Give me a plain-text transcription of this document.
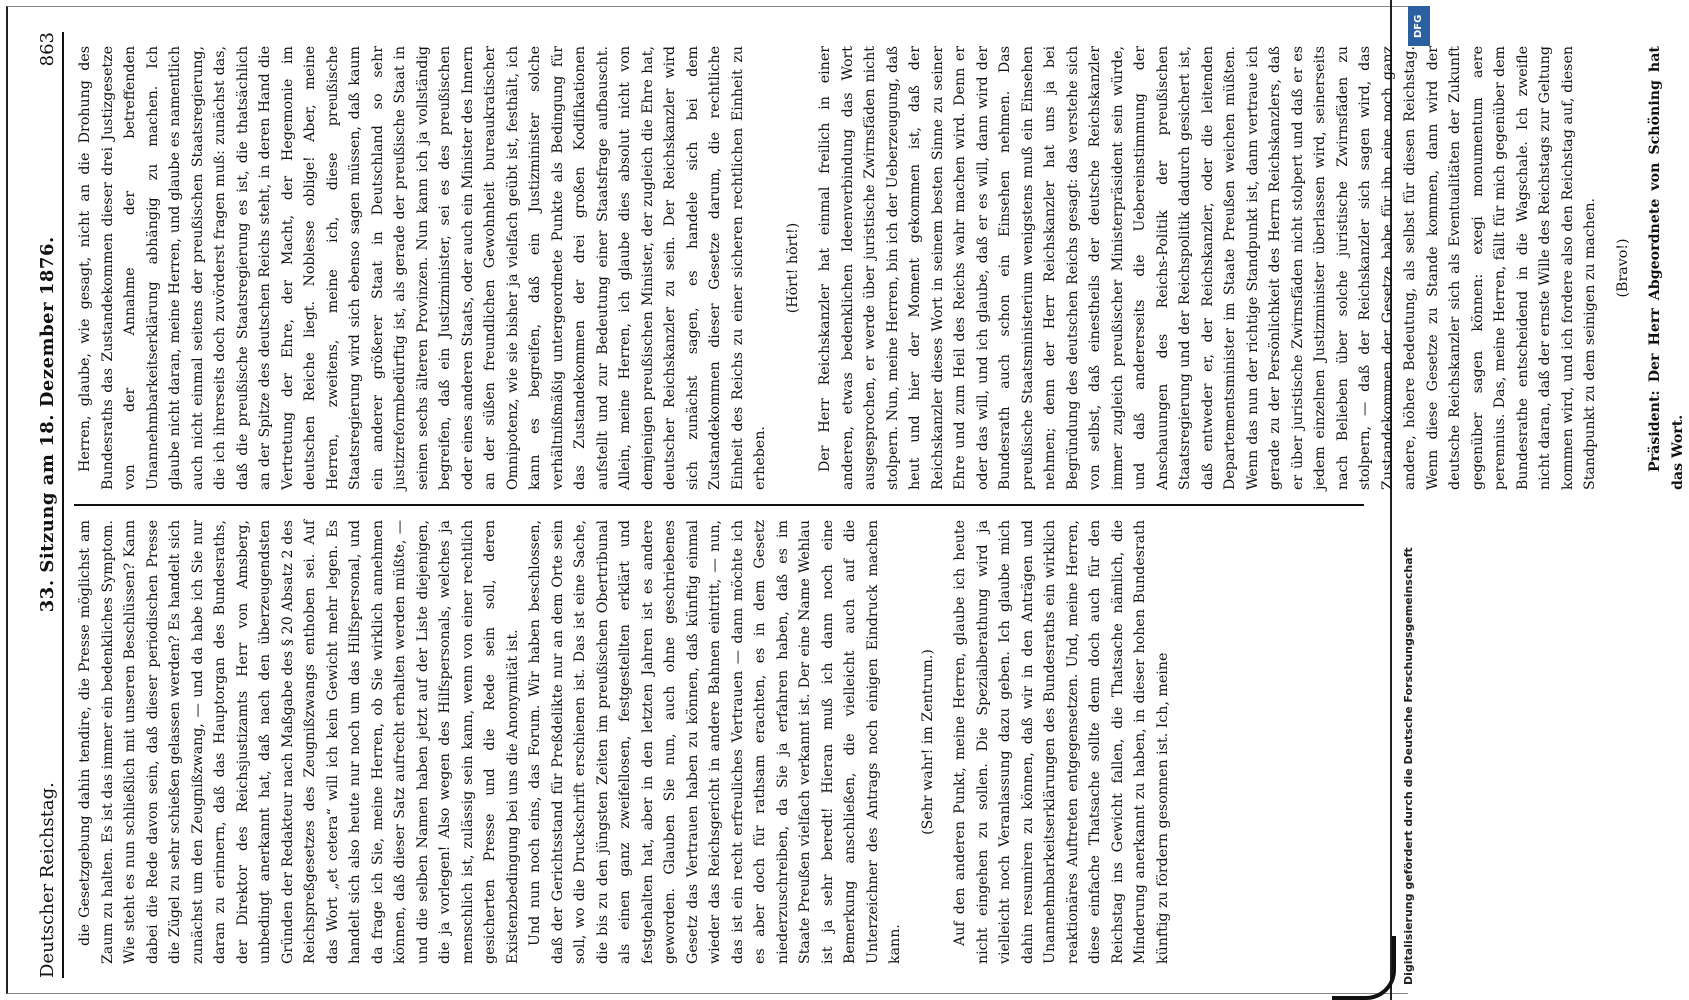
Deutscher Reichstag.
33. Sitzung am 18. Dezember 1876.
863

die Gesetzgebung dahin tendire, die Presse möglichst am Zaum zu halten. Es ist das immer ein bedenkliches Symptom. Wie steht es nun schließlich mit unseren Beschlüssen? Kann dabei die Rede davon sein, daß dieser periodischen Presse die Zügel zu sehr schießen gelassen werden? Es handelt sich zunächst um den Zeugnißzwang, — und da habe ich Sie nur daran zu erinnern, daß das Hauptorgan des Bundesraths, der Direktor des Reichsjustizamts Herr von Amsberg, unbedingt anerkannt hat, daß nach den überzeugendsten Gründen der Redakteur nach Maßgabe des § 20 Absatz 2 des Reichspreßgesetzes des Zeugnißzwangs enthoben sei. Auf das Wort „et cetera“ will ich kein Gewicht mehr legen. Es handelt sich also heute nur noch um das Hilfspersonal, und da frage ich Sie, meine Herren, ob Sie wirklich annehmen können, daß dieser Satz aufrecht erhalten werden müßte, — und die selben Namen haben jetzt auf der Liste diejenigen, die ja vorlegen! Also wegen des Hilfspersonals, welches ja menschlich ist, zulässig sein kann, wenn von einer rechtlich gesicherten Presse und die Rede sein soll, deren Existenzbedingung bei uns die Anonymität ist. Und nun noch eins, das Forum. Wir haben beschlossen, daß der Gerichtsstand für Preßdelikte nur an dem Orte sein soll, wo die Druckschrift erschienen ist. Das ist eine Sache, die bis zu den jüngsten Zeiten im preußischen Obertribunal als einen ganz zweifellosen, festgestellten erklärt und festgehalten hat, aber in den letzten Jahren ist es andere geworden. Glauben Sie nun, auch ohne geschriebenes Gesetz das Vertrauen haben zu können, daß künftig einmal wieder das Reichsgericht in andere Bahnen eintritt, — nun, das ist ein recht erfreuliches Vertrauen — dann möchte ich es aber doch für rathsam erachten, es in dem Gesetz niederzuschreiben, da Sie ja erfahren haben, daß es im Staate Preußen vielfach verkannt ist. Der eine Name Wehlau ist ja sehr beredt! Hieran muß ich dann noch eine Bemerkung anschließen, die vielleicht auch auf die Unterzeichner des Antrags noch einigen Eindruck machen kann.

(Sehr wahr! im Zentrum.) Auf den anderen Punkt, meine Herren, glaube ich heute nicht eingehen zu sollen. Die Spezialberathung wird ja vielleicht noch Veranlassung dazu geben. Ich glaube mich dahin resumiren zu können, daß wir in den Anträgen und Unannehmbarkeitserklärungen des Bundesraths ein wirklich reaktionäres Auftreten entgegensetzen. Und, meine Herren, diese einfache Thatsache sollte denn doch auch für den Reichstag ins Gewicht fallen, die Thatsache nämlich, die Minderung anerkannt zu haben, in dieser hohen Bundesrath künftig zu fördern gesonnen ist. Ich, meine

Herren, glaube, wie gesagt, nicht an die Drohung des Bundesraths das Zustandekommen dieser drei Justizgesetze von der Annahme der betreffenden Unannehmbarkeitserklärung abhängig zu machen. Ich glaube nicht daran, meine Herren, und glaube es namentlich auch nicht einmal seitens der preußischen Staatsregierung, die ich ihrerseits doch zuvörderst fragen muß: zunächst das, daß die preußische Staatsregierung es ist, die thatsächlich an der Spitze des deutschen Reichs steht, in deren Hand die Vertretung der Ehre, der Macht, der Hegemonie im deutschen Reiche liegt. Noblesse oblige! Aber, meine Herren, zweitens, meine ich, diese preußische Staatsregierung wird sich ebenso sagen müssen, daß kaum ein anderer größerer Staat in Deutschland so sehr justizreformbedürftig ist, als gerade der preußische Staat in seinen sechs älteren Provinzen. Nun kann ich ja vollständig begreifen, daß ein Justizminister, sei es des preußischen oder eines anderen Staats, oder auch ein Minister des Innern an der süßen freundlichen Gewohnheit bureaukratischer Omnipotenz, wie sie bisher ja vielfach geübt ist, festhält, ich kann es begreifen, daß ein Justizminister solche verhältnißmäßig untergeordnete Punkte als Bedingung für das Zustandekommen der drei großen Kodifikationen aufstellt und zur Bedeutung einer Staatsfrage aufbauscht. Allein, meine Herren, ich glaube dies absolut nicht von demjenigen preußischen Minister, der zugleich die Ehre hat, deutscher Reichskanzler zu sein. Der Reichskanzler wird sich zunächst sagen, es handele sich bei dem Zustandekommen dieser Gesetze darum, die rechtliche Einheit des Reichs zu einer sicheren rechtlichen Einheit zu erheben.

(Hört! hört!) Der Herr Reichskanzler hat einmal freilich in einer anderen, etwas bedenklichen Ideenverbindung das Wort ausgesprochen, er werde über juristische Zwirnsfäden nicht stolpern. Nun, meine Herren, bin ich der Ueberzeugung, daß heut und hier der Moment gekommen ist, daß der Reichskanzler dieses Wort in seinem besten Sinne zu seiner Ehre und zum Heil des Reichs wahr machen wird. Denn er oder das will, und ich glaube, daß er es will, dann wird der Bundesrath auch schon ein Einsehen nehmen. Das preußische Staatsministerium wenigstens muß ein Einsehen nehmen; denn der Herr Reichskanzler hat uns ja bei Begründung des deutschen Reichs gesagt: das verstehe sich von selbst, daß einestheils der deutsche Reichskanzler immer zugleich preußischer Ministerpräsident sein würde, und daß andererseits die Uebereinstimmung der Anschauungen des Reichs-Politik der preußischen Staatsregierung und der Reichspolitik dadurch gesichert ist, daß entweder er, der Reichskanzler, oder die leitenden Departementsminister im Staate Preußen weichen müßten. Wenn das nun der richtige Standpunkt ist, dann vertraue ich gerade zu der Persönlichkeit des Herrn Reichskanzlers, daß er über juristische Zwirnsfäden nicht stolpert und daß er es jedem einzelnen Justizminister überlassen wird, seinerseits nach Belieben über solche juristische Zwirnsfäden zu stolpern, — daß der Reichskanzler sich sagen wird, das Zustandekommen der Gesetze habe für ihn eine noch ganz andere, höhere Bedeutung, als selbst für diesen Reichstag. Wenn diese Gesetze zu Stande kommen, dann wird der deutsche Reichskanzler sich als Eventualitäten der Zukunft gegenüber sagen können: exegi monumentum aere perennius. Das, meine Herren, fällt für mich gegenüber dem Bundesrathe entscheidend in die Wagschale. Ich zweifle nicht daran, daß der ernste Wille des Reichstags zur Geltung kommen wird, und ich fordere also den Reichstag auf, diesen Standpunkt zu dem seinigen zu machen. (Bravo!) Präsident: Der Herr Abgeordnete von Schöning hat das Wort.

DFG
Digitalisierung gefördert durch die Deutsche Forschungsgemeinschaft
